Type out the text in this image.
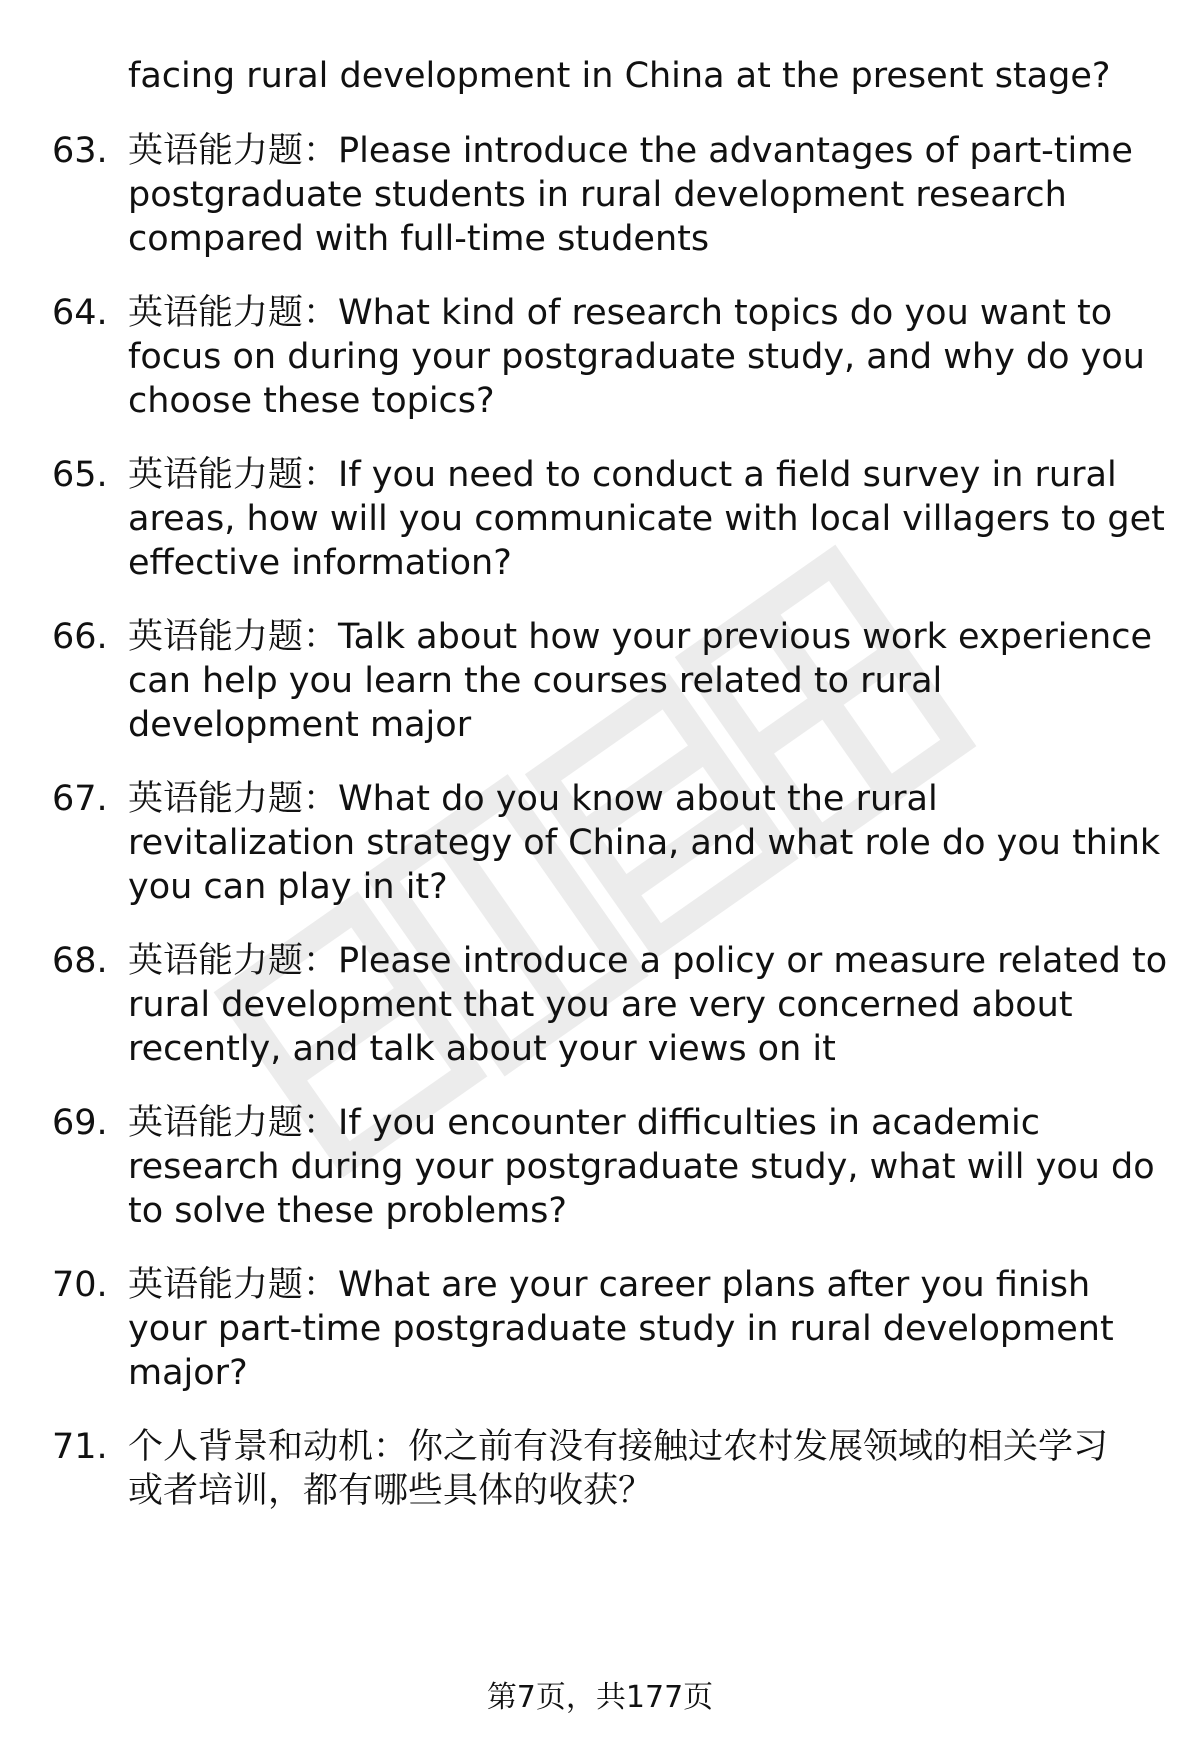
facing rural development in China at the present stage?
63. 英语能力题：Please introduce the advantages of part-time
postgraduate students in rural development research
compared with full-time students
64. 英语能力题：What kind of research topics do you want to
focus on during your postgraduate study, and why do you
choose these topics?
65. 英语能力题：If you need to conduct a field survey in rural
areas, how will you communicate with local villagers to get
effective information?
66. 英语能力题：Talk about how your previous work experience
can help you learn the courses related to rural
development major
67. 英语能力题：What do you know about the rural
revitalization strategy of China, and what role do you think
you can play in it?
68. 英语能力题：Please introduce a policy or measure related to
rural development that you are very concerned about
recently, and talk about your views on it
69. 英语能力题：If you encounter difficulties in academic
research during your postgraduate study, what will you do
to solve these problems?
70. 英语能力题：What are your career plans after you finish
your part-time postgraduate study in rural development
major?
71. 个人背景和动机：你之前有没有接触过农村发展领域的相关学习
或者培训，都有哪些具体的收获？
第7页，共177页
